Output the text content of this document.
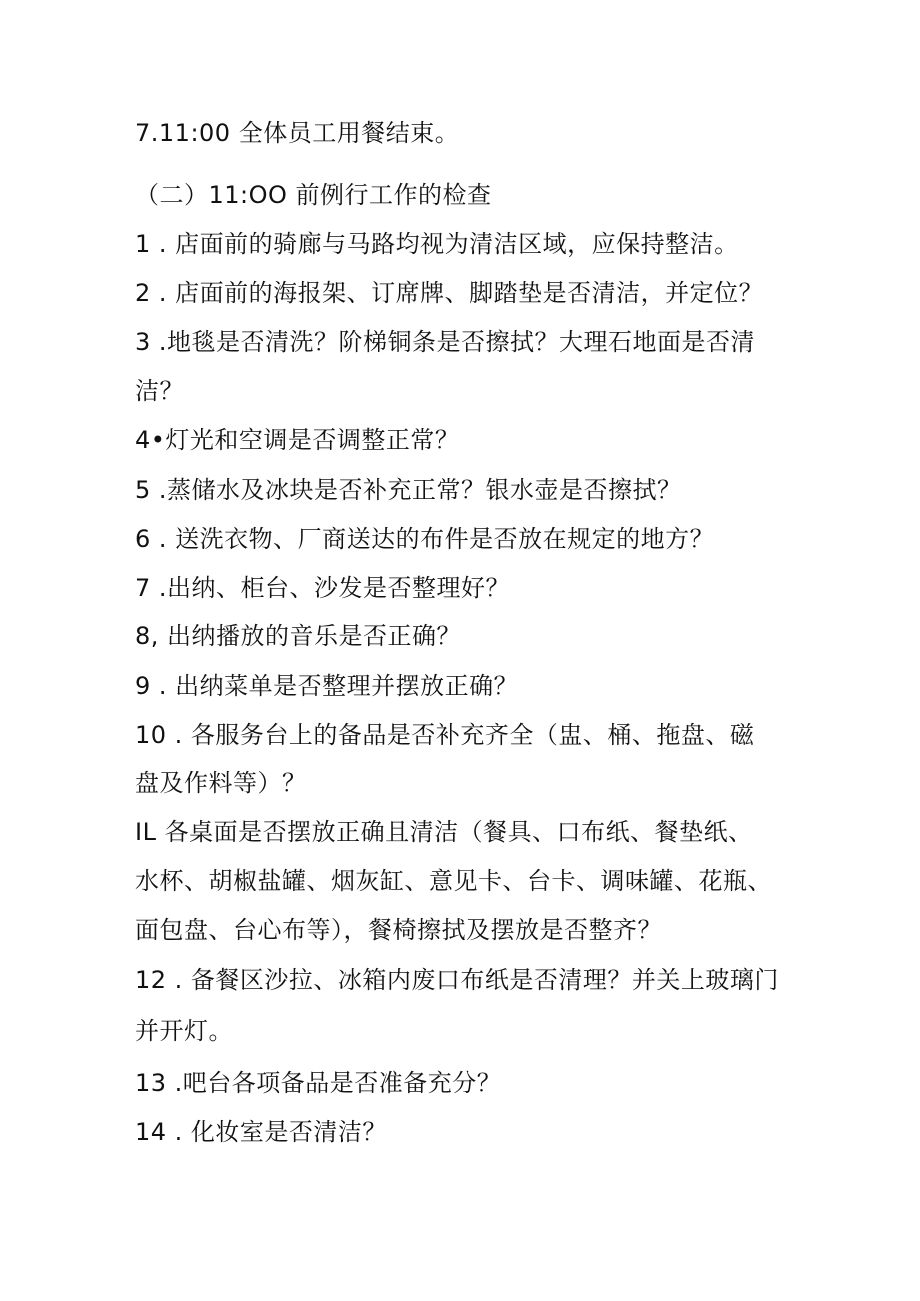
7.11:00 全体员工用餐结束。
（二）11:OO 前例行工作的检查
1 . 店面前的骑廊与马路均视为清洁区域，应保持整洁。
2 . 店面前的海报架、订席牌、脚踏垫是否清洁，并定位？
3 .地毯是否清洗？阶梯铜条是否擦拭？大理石地面是否清
洁？
4•灯光和空调是否调整正常？
5 .蒸储水及冰块是否补充正常？银水壶是否擦拭？
6 . 送洗衣物、厂商送达的布件是否放在规定的地方？
7 .出纳、柜台、沙发是否整理好？
8, 出纳播放的音乐是否正确？
9 . 出纳菜单是否整理并摆放正确？
10 . 各服务台上的备品是否补充齐全（盅、桶、拖盘、磁
盘及作料等）？
IL 各桌面是否摆放正确且清洁（餐具、口布纸、餐垫纸、
水杯、胡椒盐罐、烟灰缸、意见卡、台卡、调味罐、花瓶、
面包盘、台心布等），餐椅擦拭及摆放是否整齐？
12 . 备餐区沙拉、冰箱内废口布纸是否清理？并关上玻璃门
并开灯。
13 .吧台各项备品是否准备充分？
14 . 化妆室是否清洁？
